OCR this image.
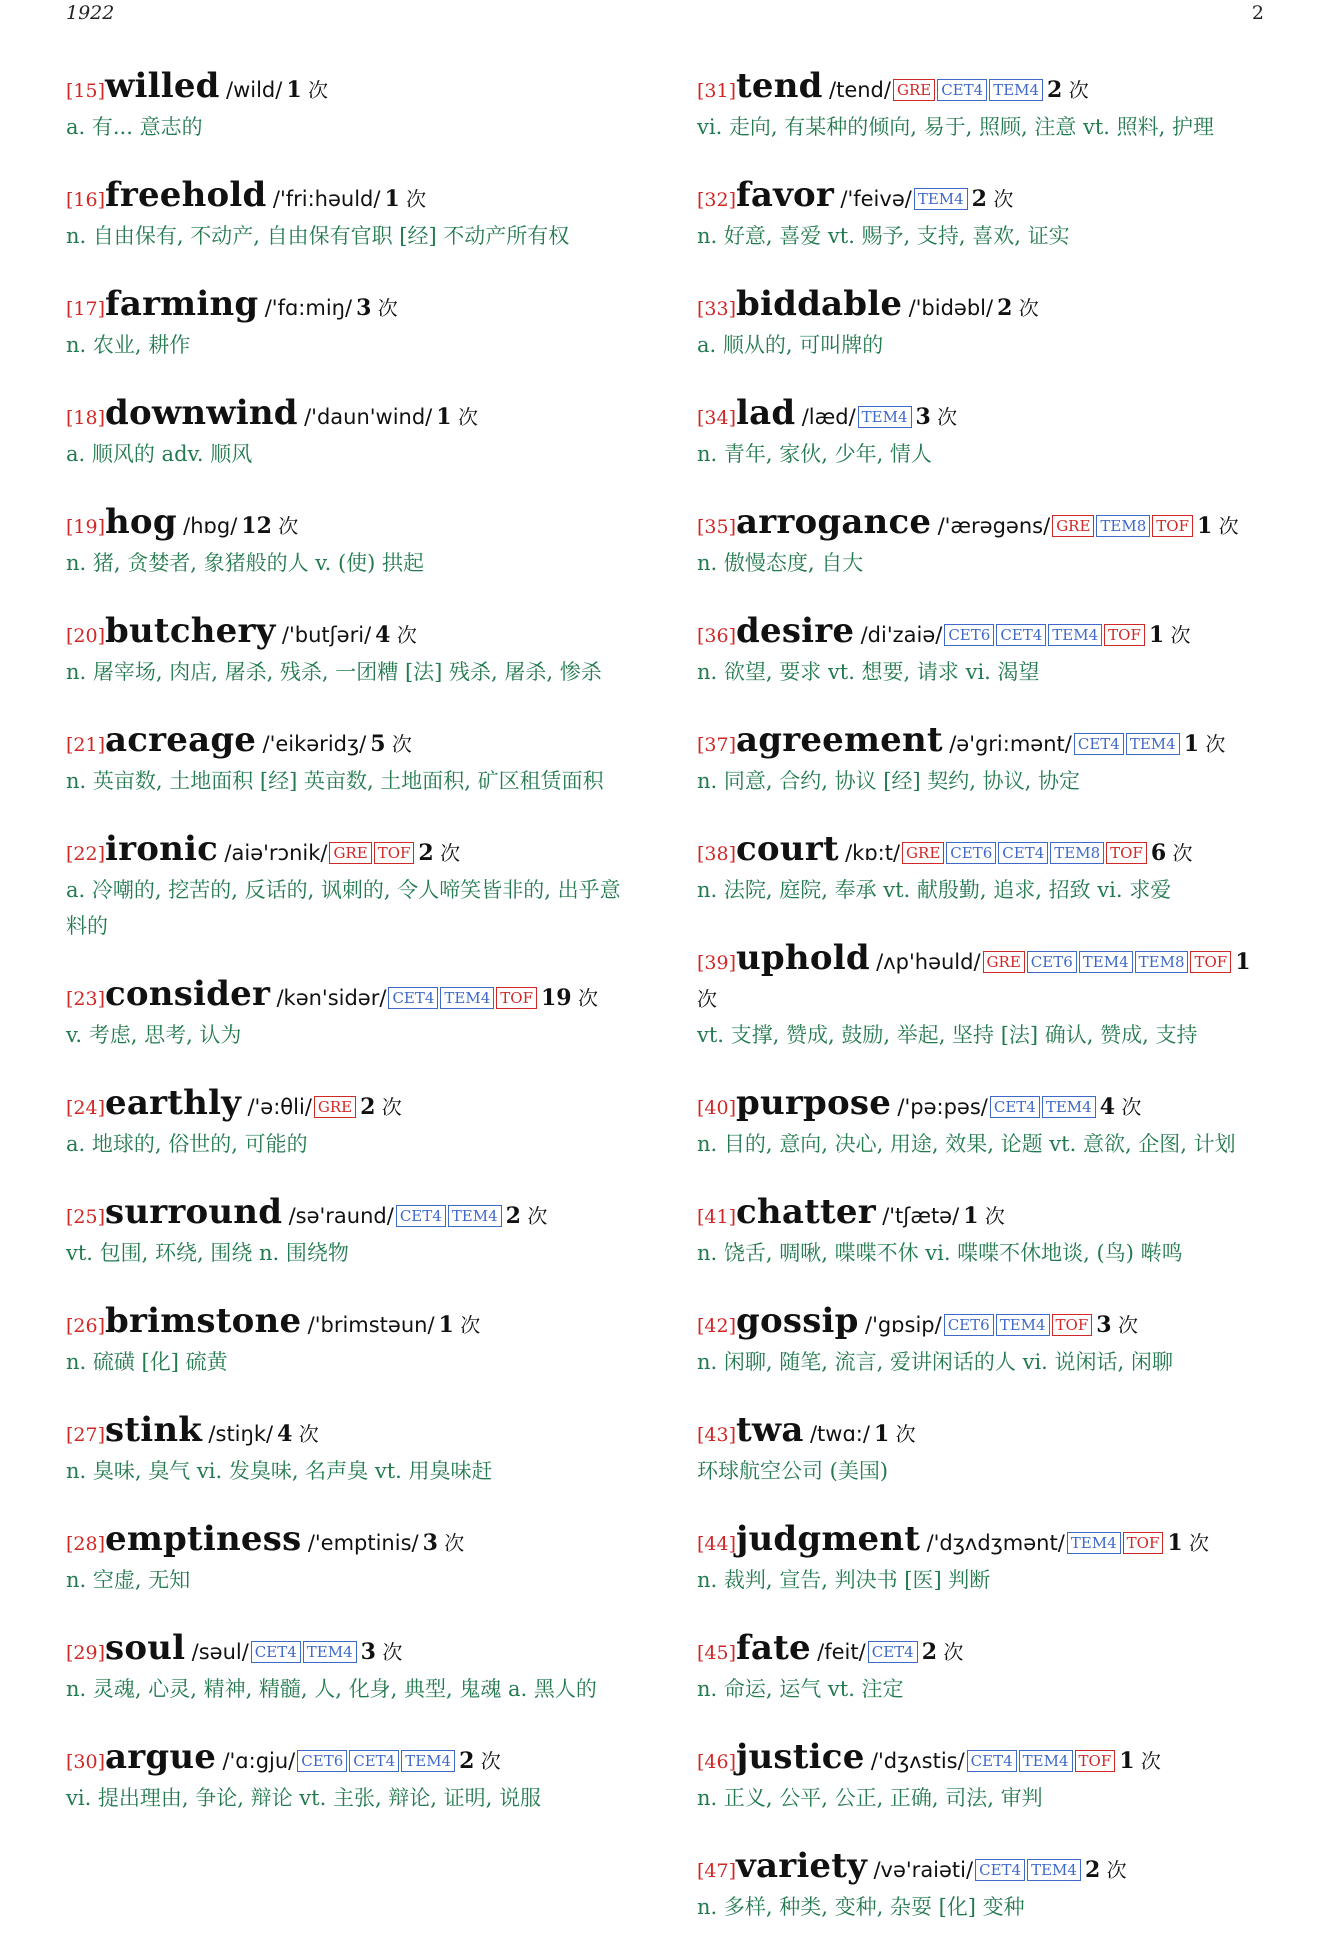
1922	2
[15]willed /wild/ 1 次
a. 有... 意志的
[16]freehold /'fri:həuld/ 1 次
n. 自由保有, 不动产, 自由保有官职 [经] 不动产所有权
[17]farming /'fɑ:miŋ/ 3 次
n. 农业, 耕作
[18]downwind /'daun'wind/ 1 次
a. 顺风的 adv. 顺风
[19]hog /hɒg/ 12 次
n. 猪, 贪婪者, 象猪般的人 v. (使) 拱起
[20]butchery /'butʃəri/ 4 次
n. 屠宰场, 肉店, 屠杀, 残杀, 一团糟 [法] 残杀, 屠杀, 惨杀
[21]acreage /'eikəridʒ/ 5 次
n. 英亩数, 土地面积 [经] 英亩数, 土地面积, 矿区租赁面积
[22]ironic /aiə'rɔnik/ GRE TOF 2 次
a. 冷嘲的, 挖苦的, 反话的, 讽刺的, 令人啼笑皆非的, 出乎意料的
[23]consider /kən'sidər/ CET4 TEM4 TOF 19 次
v. 考虑, 思考, 认为
[24]earthly /'ə:θli/ GRE 2 次
a. 地球的, 俗世的, 可能的
[25]surround /sə'raund/ CET4 TEM4 2 次
vt. 包围, 环绕, 围绕 n. 围绕物
[26]brimstone /'brimstəun/ 1 次
n. 硫磺 [化] 硫黄
[27]stink /stiŋk/ 4 次
n. 臭味, 臭气 vi. 发臭味, 名声臭 vt. 用臭味赶
[28]emptiness /'emptinis/ 3 次
n. 空虚, 无知
[29]soul /səul/ CET4 TEM4 3 次
n. 灵魂, 心灵, 精神, 精髓, 人, 化身, 典型, 鬼魂 a. 黑人的
[30]argue /'ɑ:gju/ CET6 CET4 TEM4 2 次
vi. 提出理由, 争论, 辩论 vt. 主张, 辩论, 证明, 说服
[31]tend /tend/ GRE CET4 TEM4 2 次
vi. 走向, 有某种的倾向, 易于, 照顾, 注意 vt. 照料, 护理
[32]favor /'feivə/ TEM4 2 次
n. 好意, 喜爱 vt. 赐予, 支持, 喜欢, 证实
[33]biddable /'bidəbl/ 2 次
a. 顺从的, 可叫牌的
[34]lad /læd/ TEM4 3 次
n. 青年, 家伙, 少年, 情人
[35]arrogance /'ærəgəns/ GRE TEM8 TOF 1 次
n. 傲慢态度, 自大
[36]desire /di'zaiə/ CET6 CET4 TEM4 TOF 1 次
n. 欲望, 要求 vt. 想要, 请求 vi. 渴望
[37]agreement /ə'gri:mənt/ CET4 TEM4 1 次
n. 同意, 合约, 协议 [经] 契约, 协议, 协定
[38]court /kɒ:t/ GRE CET6 CET4 TEM8 TOF 6 次
n. 法院, 庭院, 奉承 vt. 献殷勤, 追求, 招致 vi. 求爱
[39]uphold /ʌp'həuld/ GRE CET6 TEM4 TEM8 TOF 1 次
vt. 支撑, 赞成, 鼓励, 举起, 坚持 [法] 确认, 赞成, 支持
[40]purpose /'pə:pəs/ CET4 TEM4 4 次
n. 目的, 意向, 决心, 用途, 效果, 论题 vt. 意欲, 企图, 计划
[41]chatter /'tʃætə/ 1 次
n. 饶舌, 啁啾, 喋喋不休 vi. 喋喋不休地谈, (鸟) 啭鸣
[42]gossip /'gɒsip/ CET6 TEM4 TOF 3 次
n. 闲聊, 随笔, 流言, 爱讲闲话的人 vi. 说闲话, 闲聊
[43]twa /twɑ:/ 1 次
环球航空公司 (美国)
[44]judgment /'dʒʌdʒmənt/ TEM4 TOF 1 次
n. 裁判, 宣告, 判决书 [医] 判断
[45]fate /feit/ CET4 2 次
n. 命运, 运气 vt. 注定
[46]justice /'dʒʌstis/ CET4 TEM4 TOF 1 次
n. 正义, 公平, 公正, 正确, 司法, 审判
[47]variety /və'raiəti/ CET4 TEM4 2 次
n. 多样, 种类, 变种, 杂耍 [化] 变种
